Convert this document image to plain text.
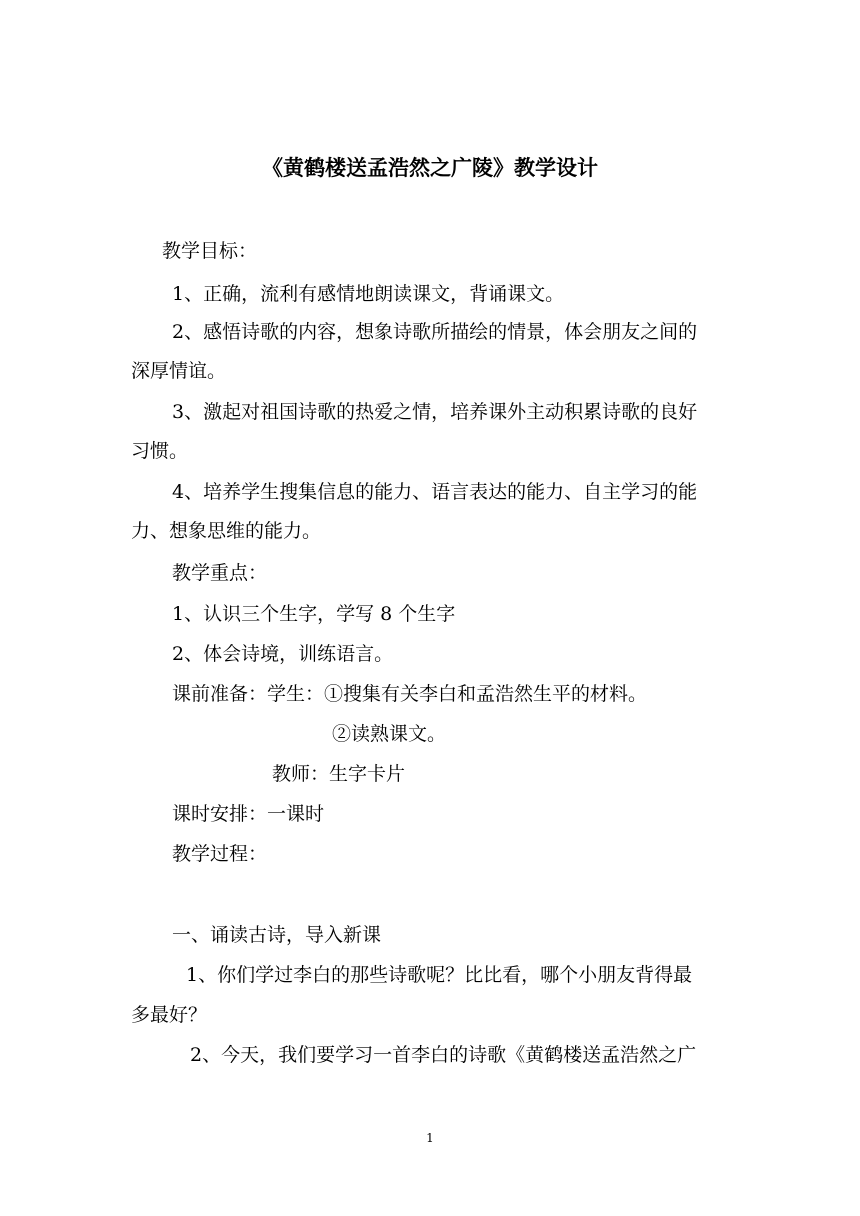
《黄鹤楼送孟浩然之广陵》教学设计
教学目标：
1、正确，流利有感情地朗读课文，背诵课文。
2、感悟诗歌的内容，想象诗歌所描绘的情景，体会朋友之间的
深厚情谊。
3、激起对祖国诗歌的热爱之情，培养课外主动积累诗歌的良好
习惯。
4、培养学生搜集信息的能力、语言表达的能力、自主学习的能
力、想象思维的能力。
教学重点：
1、认识三个生字，学写 8 个生字
2、体会诗境，训练语言。
课前准备：学生：①搜集有关李白和孟浩然生平的材料。
②读熟课文。
教师：生字卡片
课时安排：一课时
教学过程：
一、诵读古诗，导入新课
1、你们学过李白的那些诗歌呢？比比看，哪个小朋友背得最
多最好？
2、今天，我们要学习一首李白的诗歌《黄鹤楼送孟浩然之广
1
